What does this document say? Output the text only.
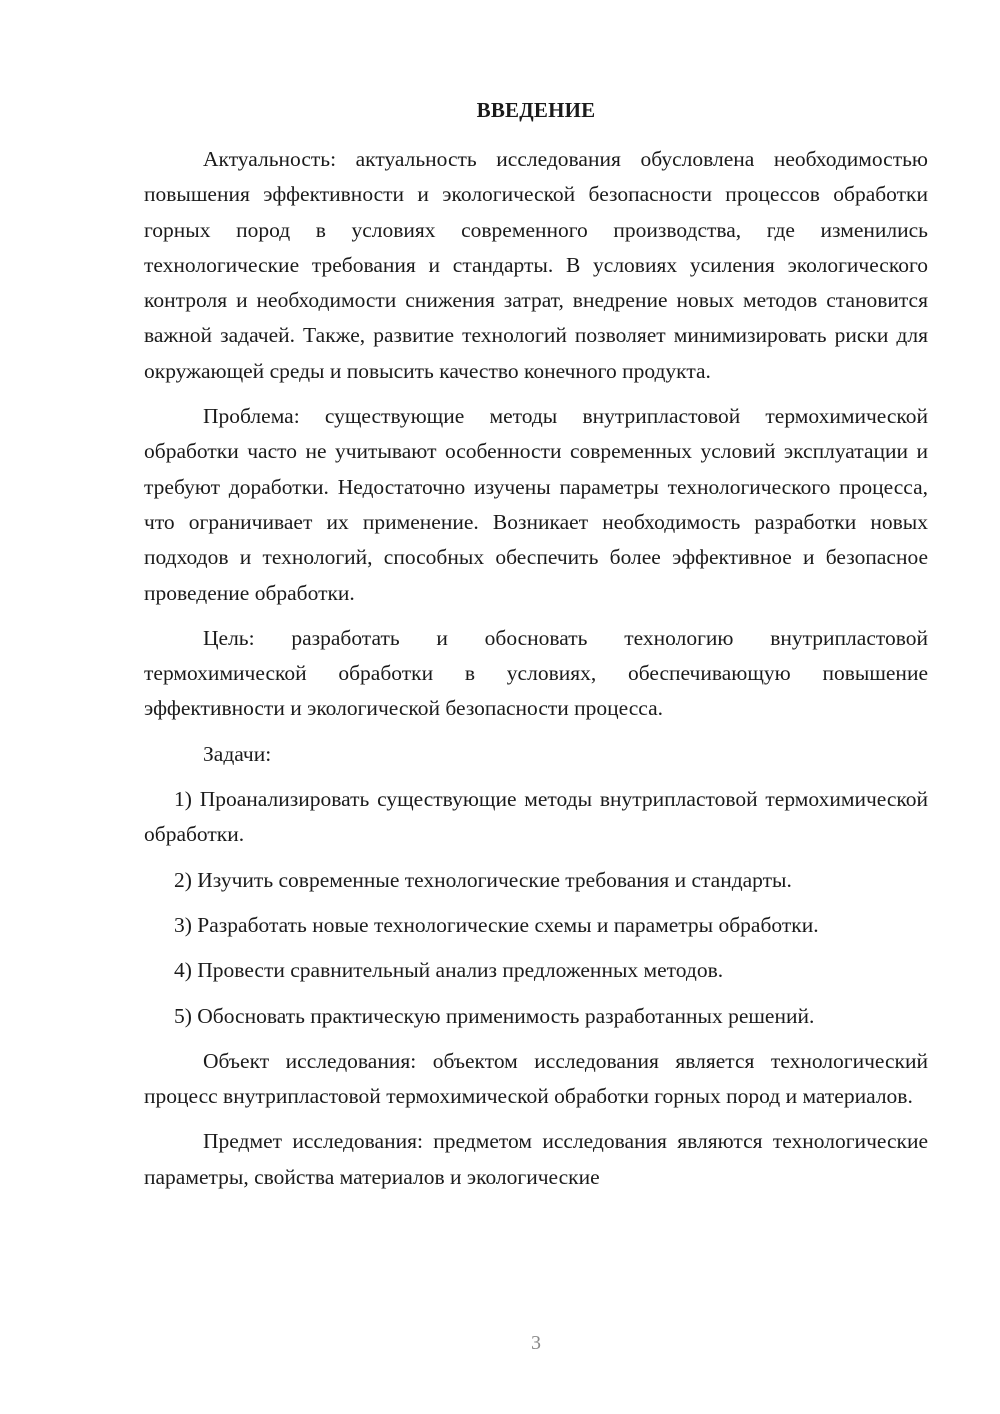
ВВЕДЕНИЕ

Актуальность: актуальность исследования обусловлена необходимостью повышения эффективности и экологической безопасности процессов обработки горных пород в условиях современного производства, где изменились технологические требования и стандарты. В условиях усиления экологического контроля и необходимости снижения затрат, внедрение новых методов становится важной задачей. Также, развитие технологий позволяет минимизировать риски для окружающей среды и повысить качество конечного продукта.

Проблема: существующие методы внутрипластовой термохимической обработки часто не учитывают особенности современных условий эксплуатации и требуют доработки. Недостаточно изучены параметры технологического процесса, что ограничивает их применение. Возникает необходимость разработки новых подходов и технологий, способных обеспечить более эффективное и безопасное проведение обработки.

Цель: разработать и обосновать технологию внутрипластовой термохимической обработки в условиях, обеспечивающую повышение эффективности и экологической безопасности процесса.

Задачи:

1) Проанализировать существующие методы внутрипластовой термохимической обработки.

2) Изучить современные технологические требования и стандарты.

3) Разработать новые технологические схемы и параметры обработки.

4) Провести сравнительный анализ предложенных методов.

5) Обосновать практическую применимость разработанных решений.

Объект исследования: объектом исследования является технологический процесс внутрипластовой термохимической обработки горных пород и материалов.

Предмет исследования: предметом исследования являются технологические параметры, свойства материалов и экологические

3
